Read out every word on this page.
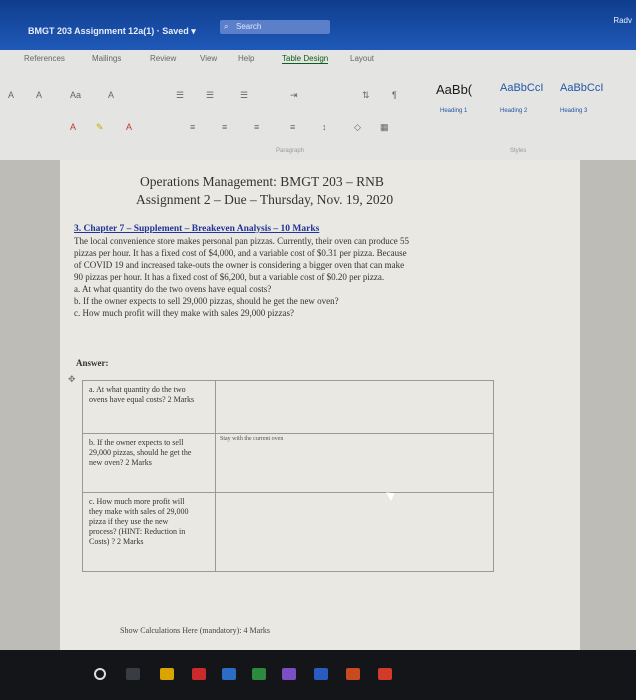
BMGT 203 Assignment 12a(1) · Saved ▾	⌕ Search
Radv
References	Mailings	Review	View	Help	Table Design	Layout
A A	Aa	A	☰ ☰	☰	⇥	⇅ ¶
A ✎ A	≡	≡	≡	≡	↕	◇ ▦
Paragraph
AaBb(	AaBbCcI AaBbCcI
Heading 1	Heading 2	Heading 3
Styles
Operations Management: BMGT 203 – RNB
Assignment 2 – Due – Thursday, Nov. 19, 2020
3. Chapter 7 – Supplement – Breakeven Analysis – 10 Marks
The local convenience store makes personal pan pizzas. Currently, their oven can produce 55
pizzas per hour. It has a fixed cost of $4,000, and a variable cost of $0.31 per pizza. Because
of COVID 19 and increased take-outs the owner is considering a bigger oven that can make
90 pizzas per hour. It has a fixed cost of $6,200, but a variable cost of $0.20 per pizza.
a. At what quantity do the two ovens have equal costs?
b. If the owner expects to sell 29,000 pizzas, should he get the new oven?
c. How much profit will they make with sales 29,000 pizzas?
Answer:
✥
a. At what quantity do the two ovens have equal costs? 2 Marks
b. If the owner expects to sell 29,000 pizzas, should he get the new oven? 2 Marks
Stay with the current oven
c. How much more profit will they make with sales of 29,000 pizza if they use the new process? (HINT: Reduction in Costs) ? 2 Marks
Show Calculations Here (mandatory): 4 Marks
